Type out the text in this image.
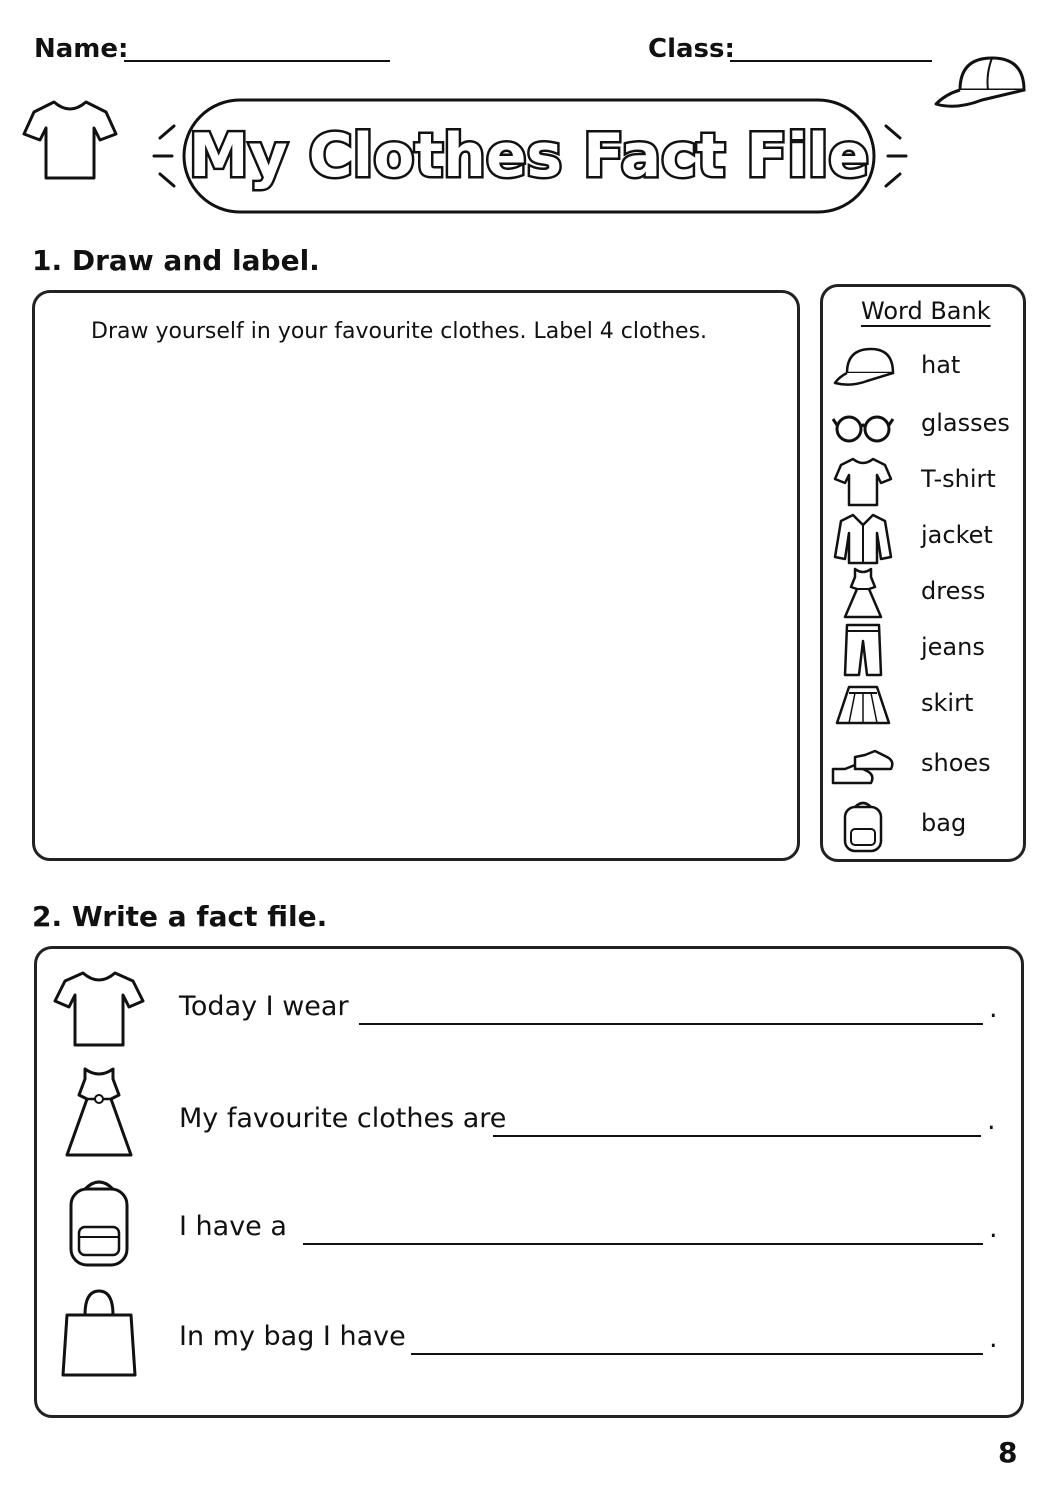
Name:	Class:
My Clothes Fact File
1. Draw and label.
Draw yourself in your favourite clothes. Label 4 clothes.
Word Bank
hat
glasses
T-shirt
jacket
dress
jeans
skirt
shoes
bag
2. Write a fact file.
Today I wear	.
My favourite clothes are	.
I have a	.
In my bag I have	.
8
